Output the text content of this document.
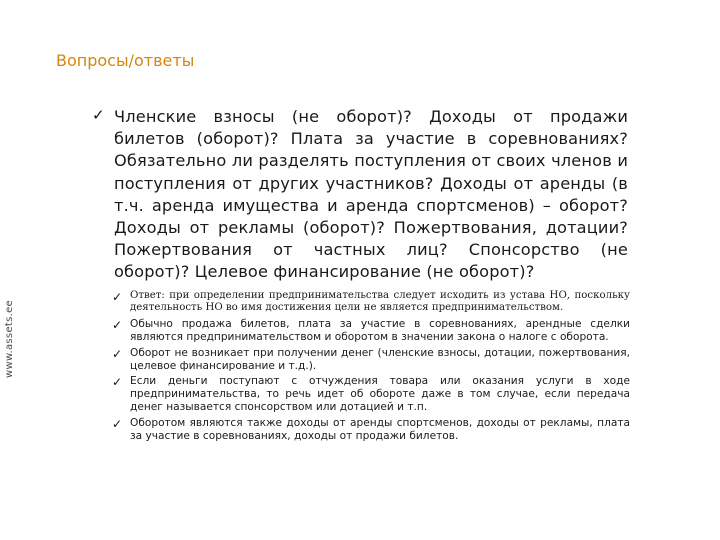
Вопросы/ответы
www.assets.ee
✓ Членские взносы (не оборот)? Доходы от продажи билетов (оборот)? Плата за участие в соревнованиях? Обязательно ли разделять поступления от своих членов и поступления от других участников? Доходы от аренды (в т.ч. аренда имущества и аренда спортсменов) – оборот? Доходы от рекламы (оборот)? Пожертвования, дотации? Пожертвования от частных лиц? Спонсорство (не оборот)? Целевое финансирование (не оборот)?
✓ Ответ: при определении предпринимательства следует исходить из устава НО, поскольку деятельность НО во имя достижения цели не является предпринимательством.
✓ Обычно продажа билетов, плата за участие в соревнованиях, арендные сделки являются предпринимательством и оборотом в значении закона о налоге с оборота.
✓ Оборот не возникает при получении денег (членские взносы, дотации, пожертвования, целевое финансирование и т.д.).
✓ Если деньги поступают с отчуждения товара или оказания услуги в ходе предпринимательства, то речь идет об обороте даже в том случае, если передача денег называется спонсорством или дотацией и т.п.
✓ Оборотом являются также доходы от аренды спортсменов, доходы от рекламы, плата за участие в соревнованиях, доходы от продажи билетов.
